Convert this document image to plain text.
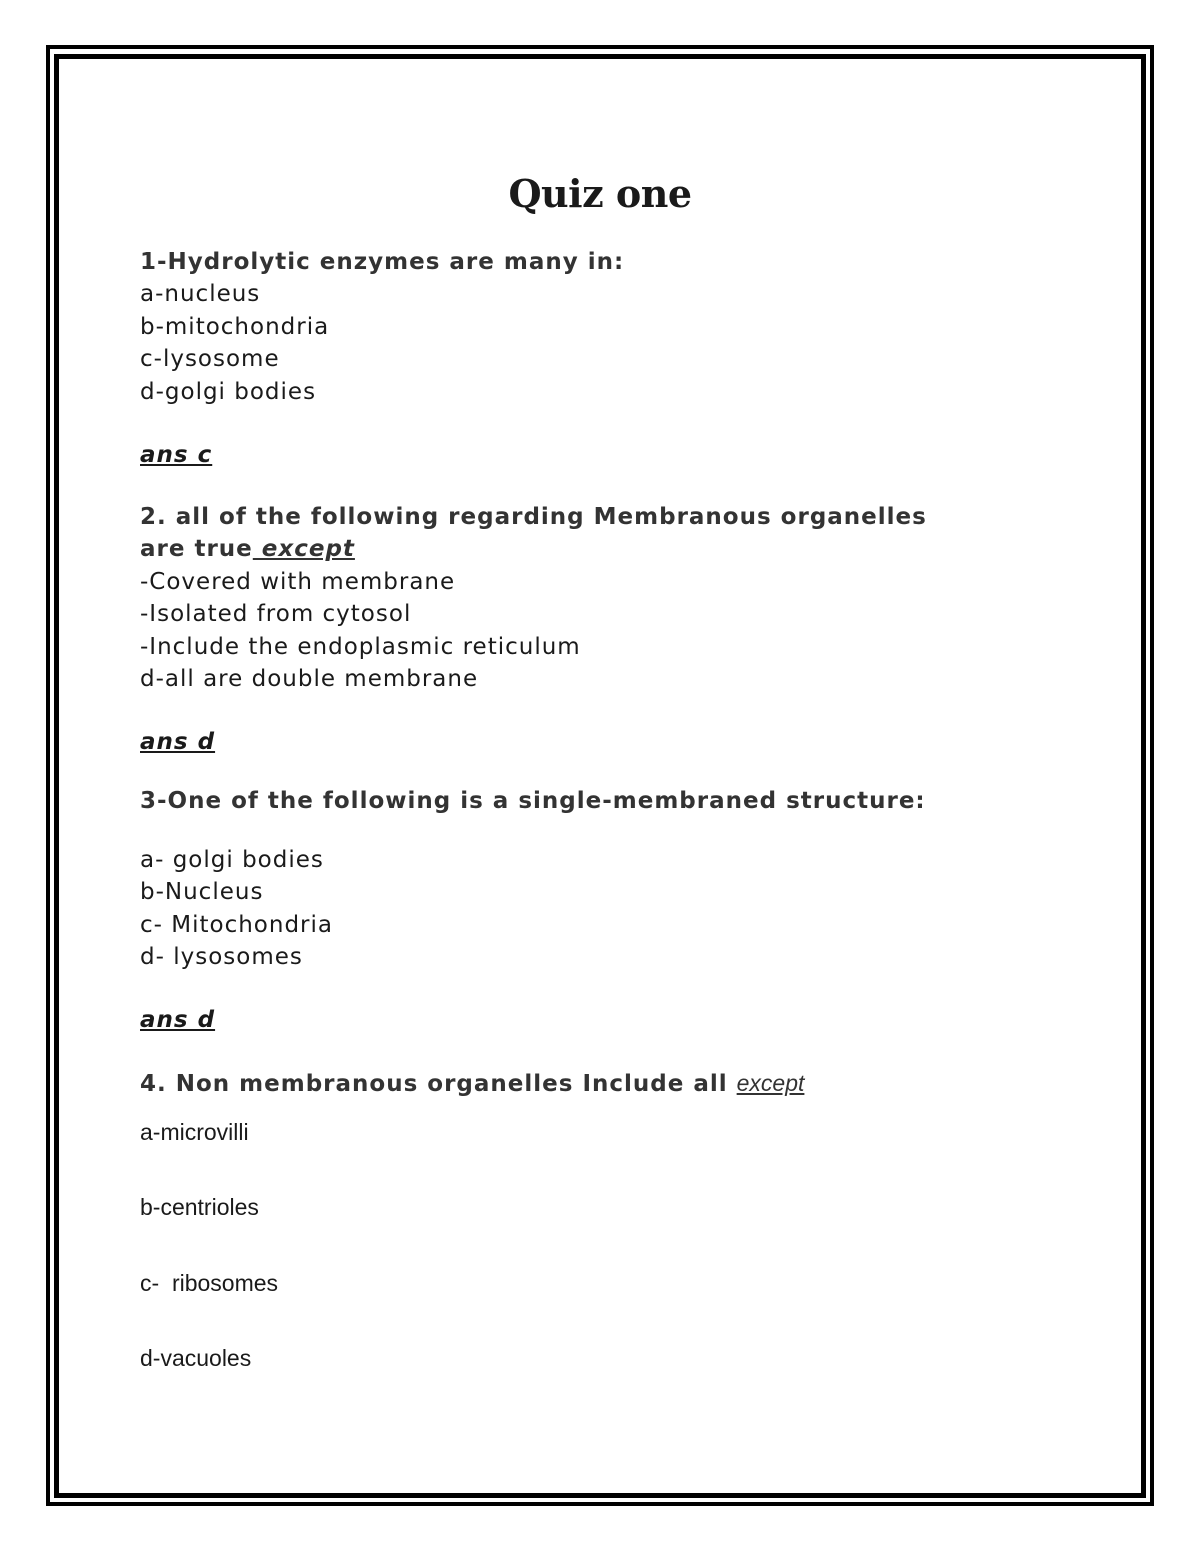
Quiz one
1-Hydrolytic enzymes are many in:
a-nucleus
b-mitochondria
c-lysosome
d-golgi bodies
ans c
2. all of the following regarding Membranous organelles
are true except
-Covered with membrane
-Isolated from cytosol
-Include the endoplasmic reticulum
d-all are double membrane
ans d
3-One of the following is a single-membraned structure:
a- golgi bodies
b-Nucleus
c- Mitochondria
d- lysosomes
ans d
4. Non membranous organelles Include all except
a-microvilli
b-centrioles
c-  ribosomes
d-vacuoles
